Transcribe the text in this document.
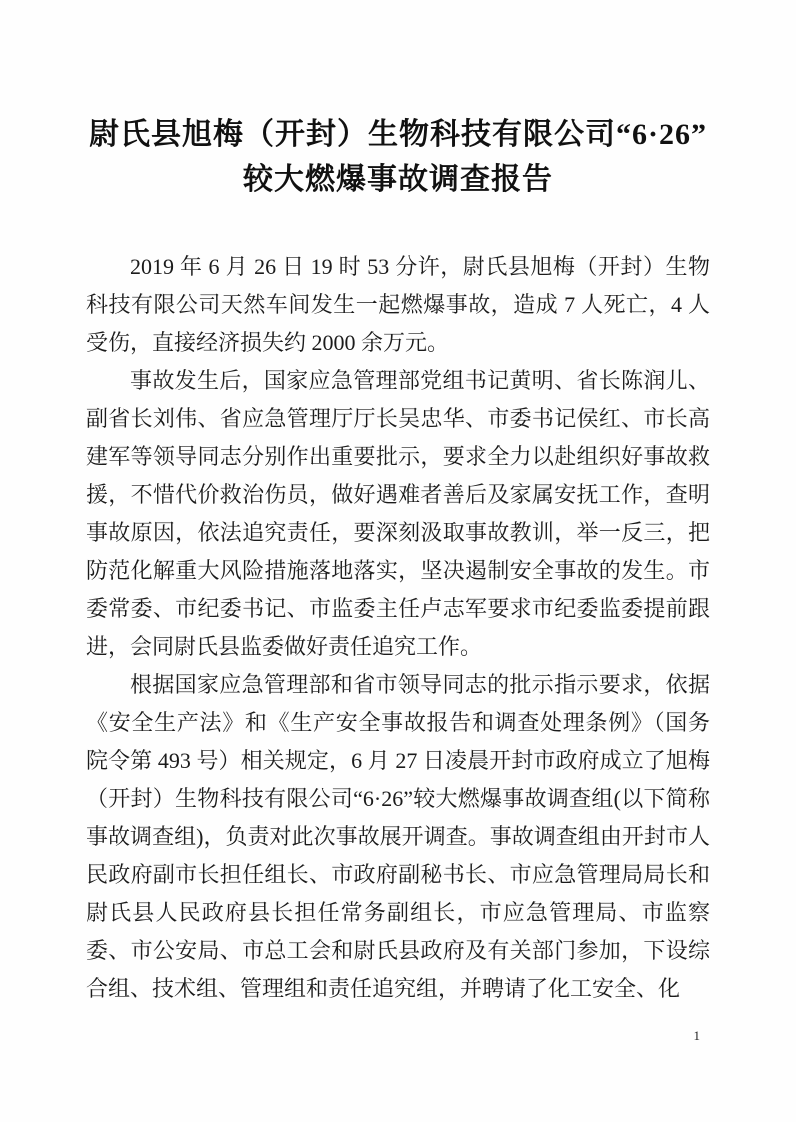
尉氏县旭梅（开封）生物科技有限公司“6·26”
较大燃爆事故调查报告

2019 年 6 月 26 日 19 时 53 分许，尉氏县旭梅（开封）生物科技有限公司天然车间发生一起燃爆事故，造成 7 人死亡，4 人受伤，直接经济损失约 2000 余万元。

事故发生后，国家应急管理部党组书记黄明、省长陈润儿、副省长刘伟、省应急管理厅厅长吴忠华、市委书记侯红、市长高建军等领导同志分别作出重要批示，要求全力以赴组织好事故救援，不惜代价救治伤员，做好遇难者善后及家属安抚工作，查明事故原因，依法追究责任，要深刻汲取事故教训，举一反三，把防范化解重大风险措施落地落实，坚决遏制安全事故的发生。市委常委、市纪委书记、市监委主任卢志军要求市纪委监委提前跟进，会同尉氏县监委做好责任追究工作。

根据国家应急管理部和省市领导同志的批示指示要求，依据《安全生产法》和《生产安全事故报告和调查处理条例》（国务院令第 493 号）相关规定，6 月 27 日凌晨开封市政府成立了旭梅（开封）生物科技有限公司“6·26”较大燃爆事故调查组(以下简称事故调查组)，负责对此次事故展开调查。事故调查组由开封市人民政府副市长担任组长、市政府副秘书长、市应急管理局局长和尉氏县人民政府县长担任常务副组长，市应急管理局、市监察委、市公安局、市总工会和尉氏县政府及有关部门参加，下设综合组、技术组、管理组和责任追究组，并聘请了化工安全、化

1
